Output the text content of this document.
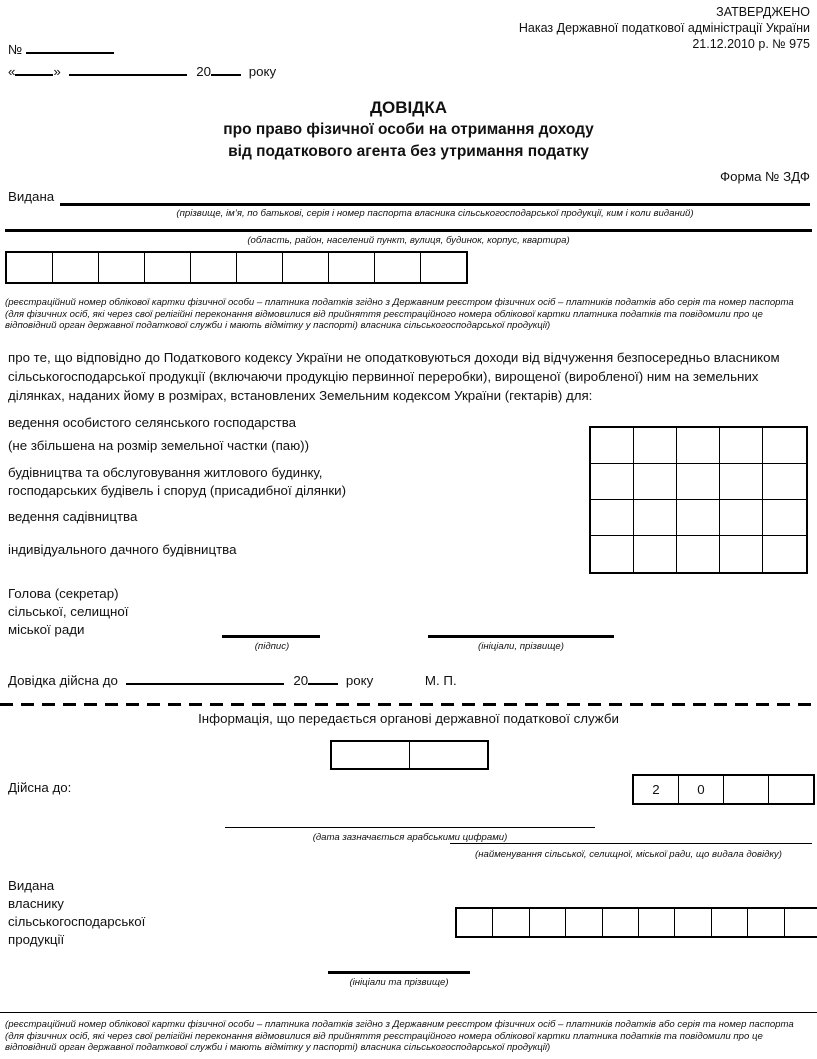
ЗАТВЕРДЖЕНО
Наказ Державної податкової адміністрації України
21.12.2010 р. № 975
№
«	»	20	року
ДОВІДКА
про право фізичної особи на отримання доходу
від податкового агента без утримання податку
Форма № ЗДФ
Видана
(прізвище, ім’я, по батькові, серія і номер паспорта власника сільськогосподарської продукції, ким і коли виданий)
(область, район, населений пункт, вулиця, будинок, корпус, квартира)
(реєстраційний номер облікової картки фізичної особи – платника податків згідно з Державним реєстром фізичних осіб – платників податків або серія та номер паспорта (для фізичних осіб, які через свої релігійні переконання відмовилися від прийняття реєстраційного номера облікової картки платника податків та повідомили про це відповідний орган державної податкової служби і мають відмітку у паспорті) власника сільськогосподарської продукції)
про те, що відповідно до Податкового кодексу України не оподатковуються доходи від відчуження безпосередньо власником сільськогосподарської продукції (включаючи продукцію первинної переробки), вирощеної (виробленої) ним на земельних ділянках, наданих йому в розмірах, встановлених Земельним кодексом України (гектарів) для:
ведення особистого селянського господарства
(не збільшена на розмір земельної частки (паю))
будівництва та обслуговування житлового будинку,
господарських будівель і споруд (присадибної ділянки)
ведення садівництва
індивідуального дачного будівництва
Голова (секретар)
сільської, селищної
міської ради
(підпис)	(ініціали, прізвище)
Довідка дійсна до	20	року	М. П.
Інформація, що передається органові державної податкової служби
Дійсна до:	2	0
(дата зазначається арабськими цифрами)
(найменування сільської, селищної, міської ради, що видала довідку)
Видана
власнику
сільськогосподарської
продукції
(ініціали та прізвище)
(реєстраційний номер облікової картки фізичної особи – платника податків згідно з Державним реєстром фізичних осіб – платників податків або серія та номер паспорта (для фізичних осіб, які через свої релігійні переконання відмовилися від прийняття реєстраційного номера облікової картки платника податків та повідомили про це відповідний орган державної податкової служби і мають відмітку у паспорті) власника сільськогосподарської продукції)
